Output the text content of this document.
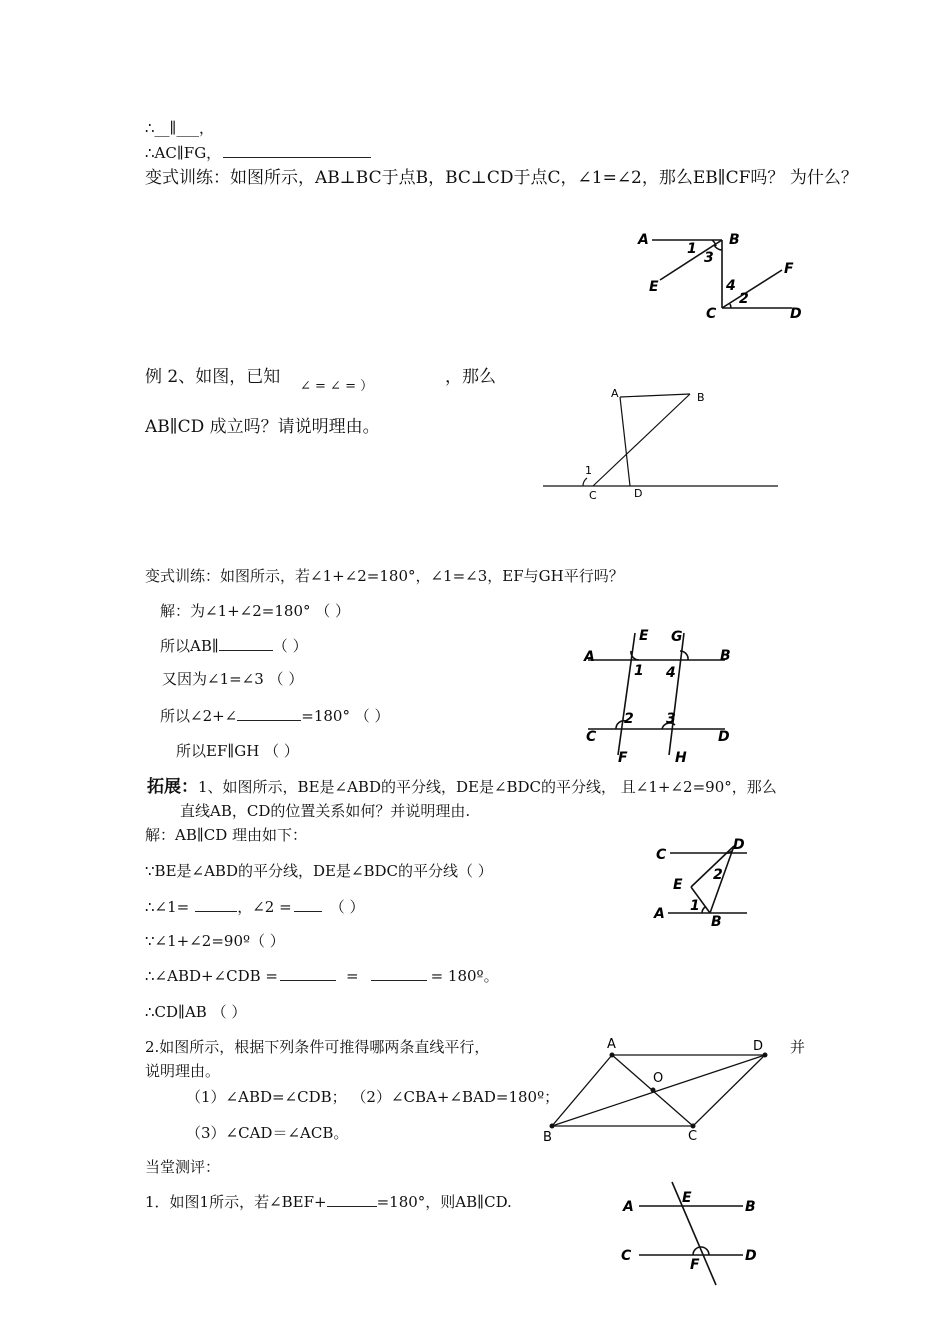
∴__∥___，
∴AC∥FG，
变式训练：如图所示，AB⊥BC于点B，BC⊥CD于点C，∠1=∠2，那么EB∥CF吗？ 为什么？
例 2、如图，已知 ∠ = ∠ = ）	，那么
AB∥CD 成立吗？请说明理由。
变式训练：如图所示，若∠1+∠2=180°，∠1=∠3，EF与GH平行吗？
解：为∠1+∠2=180° （ ）
所以AB∥	（ ）
又因为∠1=∠3 （ ）
所以∠2+∠	=180° （ ）
所以EF∥GH （ ）
拓展：1、如图所示，BE是∠ABD的平分线，DE是∠BDC的平分线， 且∠1+∠2=90°，那么
直线AB，CD的位置关系如何？并说明理由.
解：AB∥CD 理由如下：
∵BE是∠ABD的平分线，DE是∠BDC的平分线（ ）
∴∠1=	，∠2 =	（ ）
∵∠1+∠2=90º（ ）
∴∠ABD+∠CDB =	=	= 180º。
∴CD∥AB （ ）
2.如图所示，根据下列条件可推得哪两条直线平行，	并
说明理由。
（1）∠ABD=∠CDB； （2）∠CBA+∠BAD=180º；
（3）∠CAD＝∠ACB。
当堂测评：
1．如图1所示，若∠BEF+	=180°，则AB∥CD.
A	B
C	D
E
F
1
2
3
4
A	B
C	D
1
A	B
C	D
E
F
G
H
1
2 3
4
C
A	B
D
E
1
2
A	D
B	C
O
A	B
C	D
E
F
